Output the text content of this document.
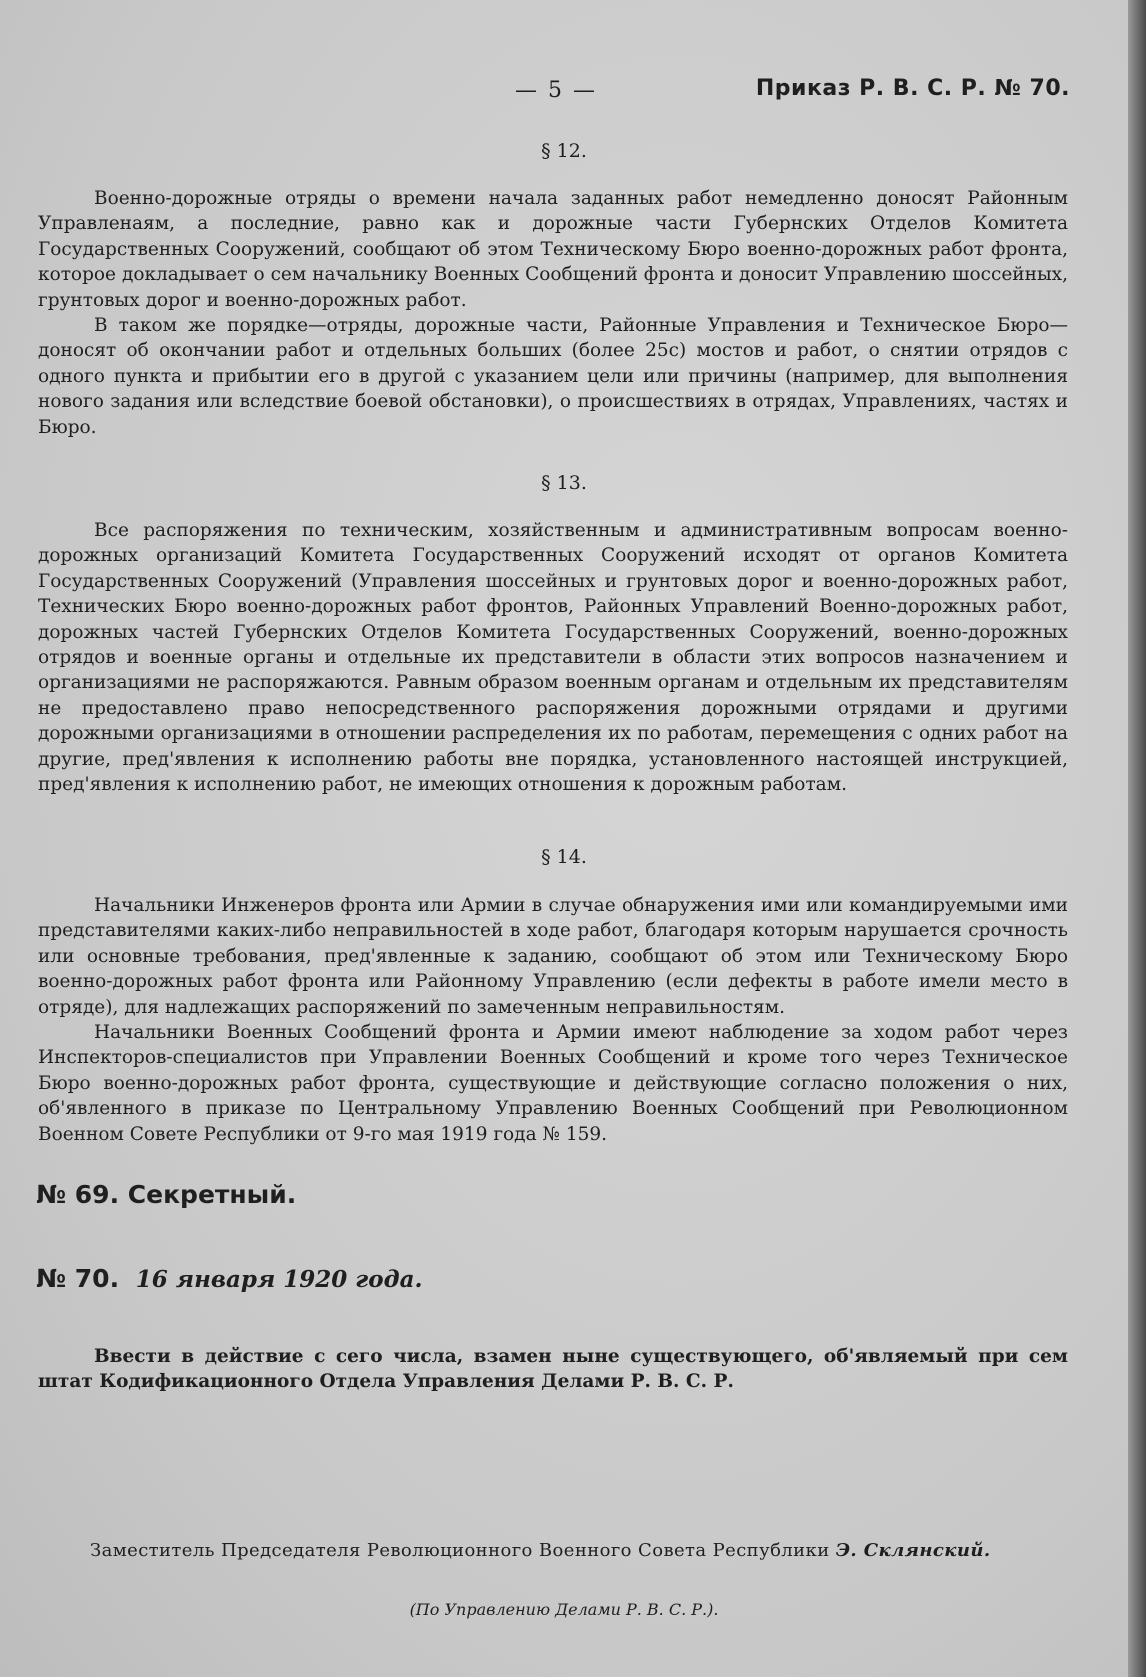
— 5 —	Приказ Р. В. С. Р. № 70.
§ 12.

Военно-дорожные отряды о времени начала заданных работ немедленно доносят Районным Управленаям, а последние, равно как и дорожные части Губернских Отделов Комитета Государственных Сооружений, сообщают об этом Техническому Бюро военно-дорожных работ фронта, которое докладывает о сем начальнику Военных Сообщений фронта и доносит Управлению шоссейных, грунтовых дорог и военно-дорожных работ.

В таком же порядке—отряды, дорожные части, Районные Управления и Техническое Бюро—доносят об окончании работ и отдельных больших (более 25с) мостов и работ, о снятии отрядов с одного пункта и прибытии его в другой с указанием цели или причины (например, для выполнения нового задания или вследствие боевой обстановки), о происшествиях в отрядах, Управлениях, частях и Бюро.

§ 13.

Все распоряжения по техническим, хозяйственным и административным вопросам военно-дорожных организаций Комитета Государственных Сооружений исходят от органов Комитета Государственных Сооружений (Управления шоссейных и грунтовых дорог и военно-дорожных работ, Технических Бюро военно-дорожных работ фронтов, Районных Управлений Военно-дорожных работ, дорожных частей Губернских Отделов Комитета Государственных Сооружений, военно-дорожных отрядов и военные органы и отдельные их представители в области этих вопросов назначением и организациями не распоряжаются. Равным образом военным органам и отдельным их представителям не предоставлено право непосредственного распоряжения дорожными отрядами и другими дорожными организациями в отношении распределения их по работам, перемещения с одних работ на другие, пред'явления к исполнению работы вне порядка, установленного настоящей инструкцией, пред'явления к исполнению работ, не имеющих отношения к дорожным работам.

§ 14.

Начальники Инженеров фронта или Армии в случае обнаружения ими или командируемыми ими представителями каких-либо неправильностей в ходе работ, благодаря которым нарушается срочность или основные требования, пред'явленные к заданию, сообщают об этом или Техническому Бюро военно-дорожных работ фронта или Районному Управлению (если дефекты в работе имели место в отряде), для надлежащих распоряжений по замеченным неправильностям.

Начальники Военных Сообщений фронта и Армии имеют наблюдение за ходом работ через Инспекторов-специалистов при Управлении Военных Сообщений и кроме того через Техническое Бюро военно-дорожных работ фронта, существующие и действующие согласно положения о них, об'явленного в приказе по Центральному Управлению Военных Сообщений при Революционном Военном Совете Республики от 9-го мая 1919 года № 159.

№ 69. Секретный.
№ 70. 16 января 1920 года.

Ввести в действие с сего числа, взамен ныне существующего, об'являемый при сем штат Кодификационного Отдела Управления Делами Р. В. С. Р.

Заместитель Председателя Революционного Военного Совета Республики Э. Склянский.
(По Управлению Делами Р. В. С. Р.).
